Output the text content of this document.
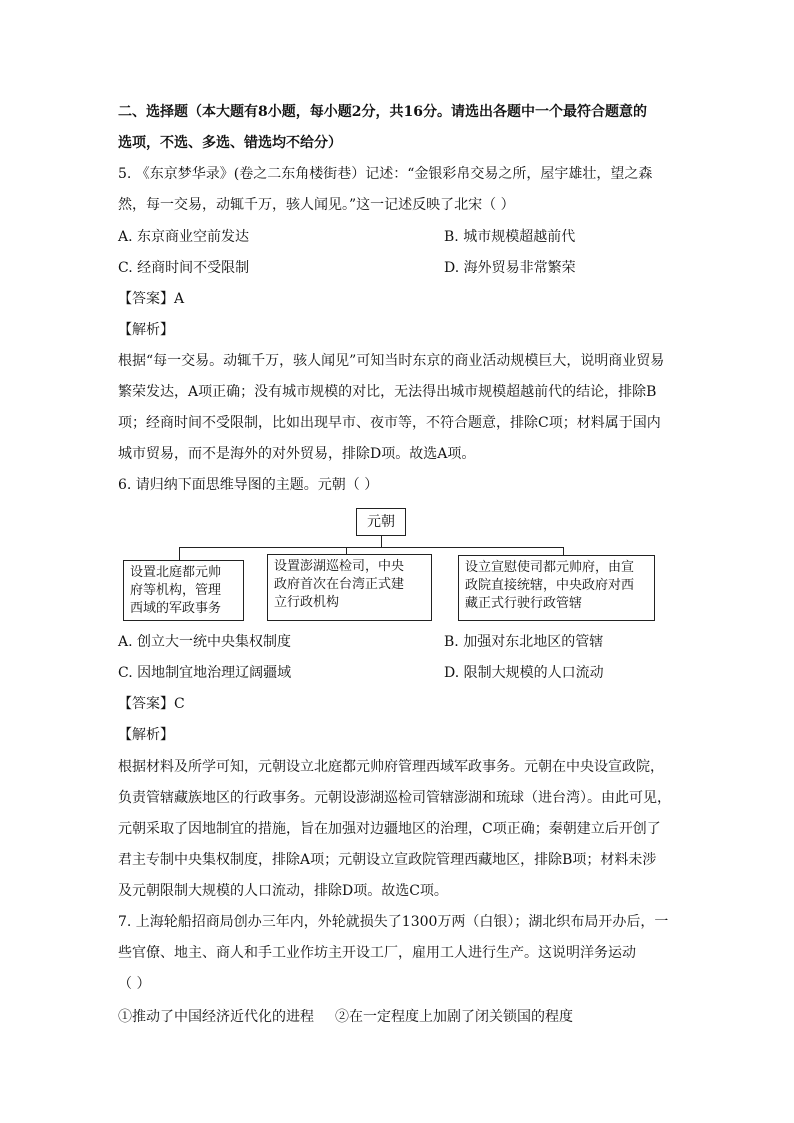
二、选择题（本大题有8小题，每小题2分，共16分。请选出各题中一个最符合题意的
选项，不选、多选、错选均不给分）
5. 《东京梦华录》(卷之二东角楼街巷）记述：“金银彩帛交易之所，屋宇雄壮，望之森
然，每一交易，动辄千万，骇人闻见。”这一记述反映了北宋（ ）
A. 东京商业空前发达	B. 城市规模超越前代
C. 经商时间不受限制	D. 海外贸易非常繁荣
【答案】A
【解析】
根据“每一交易。动辄千万，骇人闻见”可知当时东京的商业活动规模巨大，说明商业贸易
繁荣发达，A项正确；没有城市规模的对比，无法得出城市规模超越前代的结论，排除B
项；经商时间不受限制，比如出现早市、夜市等，不符合题意，排除C项；材料属于国内
城市贸易，而不是海外的对外贸易，排除D项。故选A项。
6. 请归纳下面思维导图的主题。元朝（ ）
元朝
设置北庭都元帅
府等机构，管理
西域的军政事务
设置澎湖巡检司，中央
政府首次在台湾正式建
立行政机构
设立宣慰使司都元帅府，由宣
政院直接统辖，中央政府对西
藏正式行驶行政管辖
A. 创立大一统中央集权制度	B. 加强对东北地区的管辖
C. 因地制宜地治理辽阔疆域	D. 限制大规模的人口流动
【答案】C
【解析】
根据材料及所学可知，元朝设立北庭都元帅府管理西域军政事务。元朝在中央设宣政院，
负责管辖藏族地区的行政事务。元朝设澎湖巡检司管辖澎湖和琉球（进台湾）。由此可见，
元朝采取了因地制宜的措施，旨在加强对边疆地区的治理，C项正确；秦朝建立后开创了
君主专制中央集权制度，排除A项；元朝设立宣政院管理西藏地区，排除B项；材料未涉
及元朝限制大规模的人口流动，排除D项。故选C项。
7. 上海轮船招商局创办三年内，外轮就损失了1300万两（白银）；湖北织布局开办后，一
些官僚、地主、商人和手工业作坊主开设工厂，雇用工人进行生产。这说明洋务运动
（ ）
①推动了中国经济近代化的进程 ②在一定程度上加剧了闭关锁国的程度
